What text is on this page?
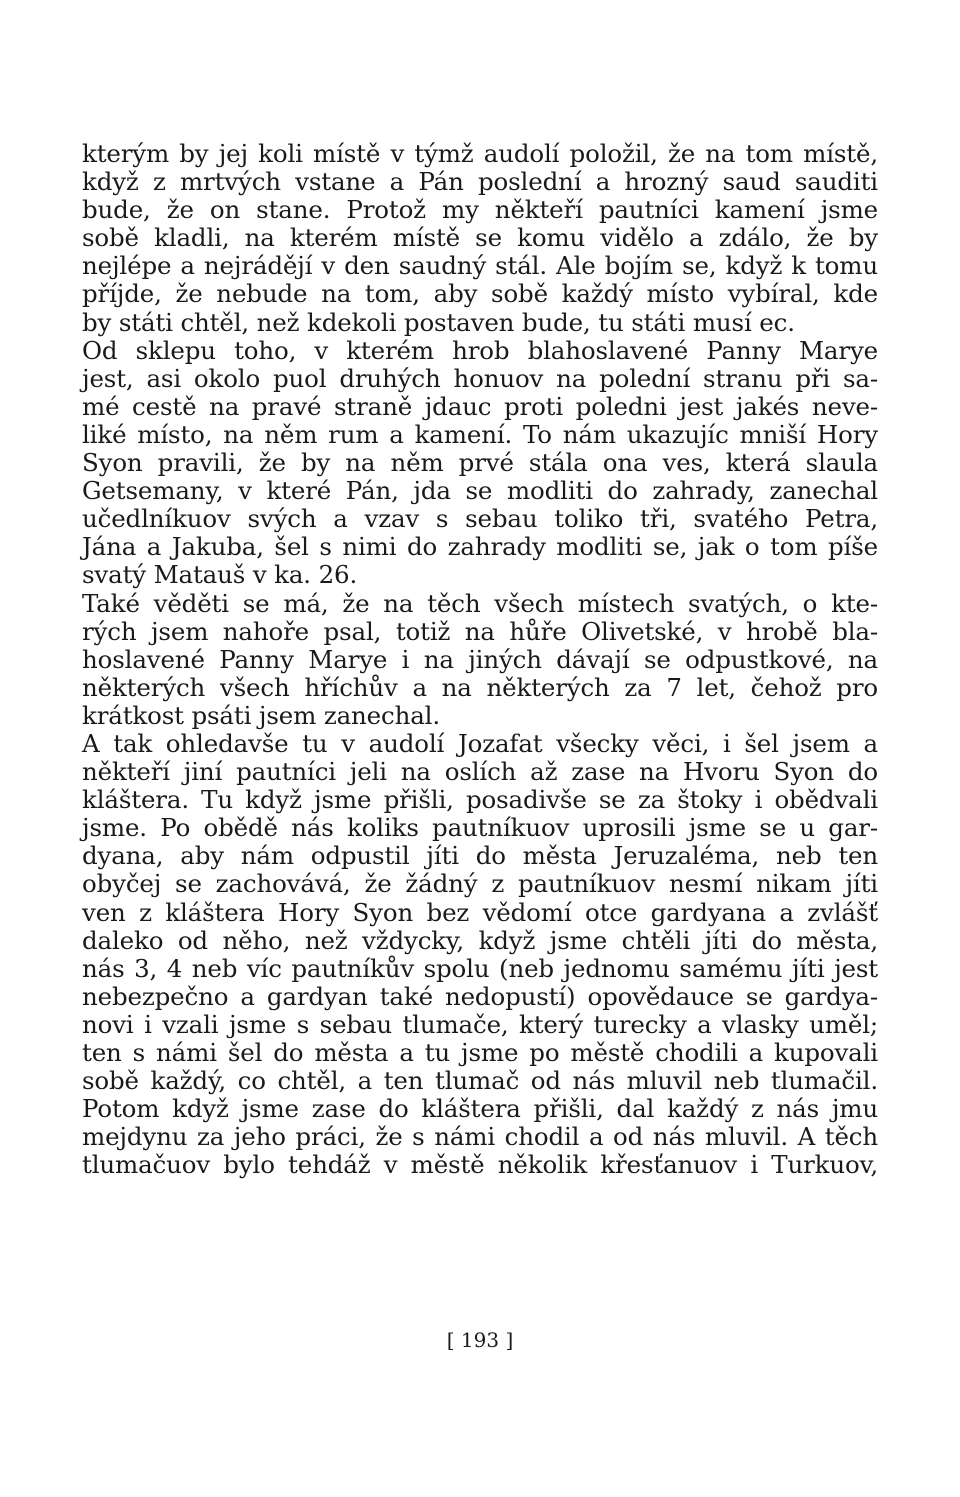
kterým by jej koli místě v týmž audolí položil, že na tom místě,
když z mrtvých vstane a Pán poslední a hrozný saud sauditi
bude, že on stane. Protož my někteří pautníci kamení jsme
sobě kladli, na kterém místě se komu vidělo a zdálo, že by
nejlépe a nejrádějí v den saudný stál. Ale bojím se, když k tomu
příjde, že nebude na tom, aby sobě každý místo vybíral, kde
by státi chtěl, než kdekoli postaven bude, tu státi musí ec.
Od sklepu toho, v kterém hrob blahoslavené Panny Marye
jest, asi okolo puol druhých honuov na polední stranu při sa-
mé cestě na pravé straně jdauc proti poledni jest jakés neve-
liké místo, na něm rum a kamení. To nám ukazujíc mniší Hory
Syon pravili, že by na něm prvé stála ona ves, která slaula
Getsemany, v které Pán, jda se modliti do zahrady, zanechal
učedlníkuov svých a vzav s sebau toliko tři, svatého Petra,
Jána a Jakuba, šel s nimi do zahrady modliti se, jak o tom píše
svatý Matauš v ka. 26.
Také věděti se má, že na těch všech místech svatých, o kte-
rých jsem nahoře psal, totiž na hůře Olivetské, v hrobě bla-
hoslavené Panny Marye i na jiných dávají se odpustkové, na
některých všech hříchův a na některých za 7 let, čehož pro
krátkost psáti jsem zanechal.
A tak ohledavše tu v audolí Jozafat všecky věci, i šel jsem a
někteří jiní pautníci jeli na oslích až zase na Hvoru Syon do
kláštera. Tu když jsme přišli, posadivše se za štoky i obědvali
jsme. Po obědě nás koliks pautníkuov uprosili jsme se u gar-
dyana, aby nám odpustil jíti do města Jeruzaléma, neb ten
obyčej se zachovává, že žádný z pautníkuov nesmí nikam jíti
ven z kláštera Hory Syon bez vědomí otce gardyana a zvlášť
daleko od něho, než vždycky, když jsme chtěli jíti do města,
nás 3, 4 neb víc pautníkův spolu (neb jednomu samému jíti jest
nebezpečno a gardyan také nedopustí) opovědauce se gardya-
novi i vzali jsme s sebau tlumače, který turecky a vlasky uměl;
ten s námi šel do města a tu jsme po městě chodili a kupovali
sobě každý, co chtěl, a ten tlumač od nás mluvil neb tlumačil.
Potom když jsme zase do kláštera přišli, dal každý z nás jmu
mejdynu za jeho práci, že s námi chodil a od nás mluvil. A těch
tlumačuov bylo tehdáž v městě několik křesťanuov i Turkuov,
[ 193 ]
